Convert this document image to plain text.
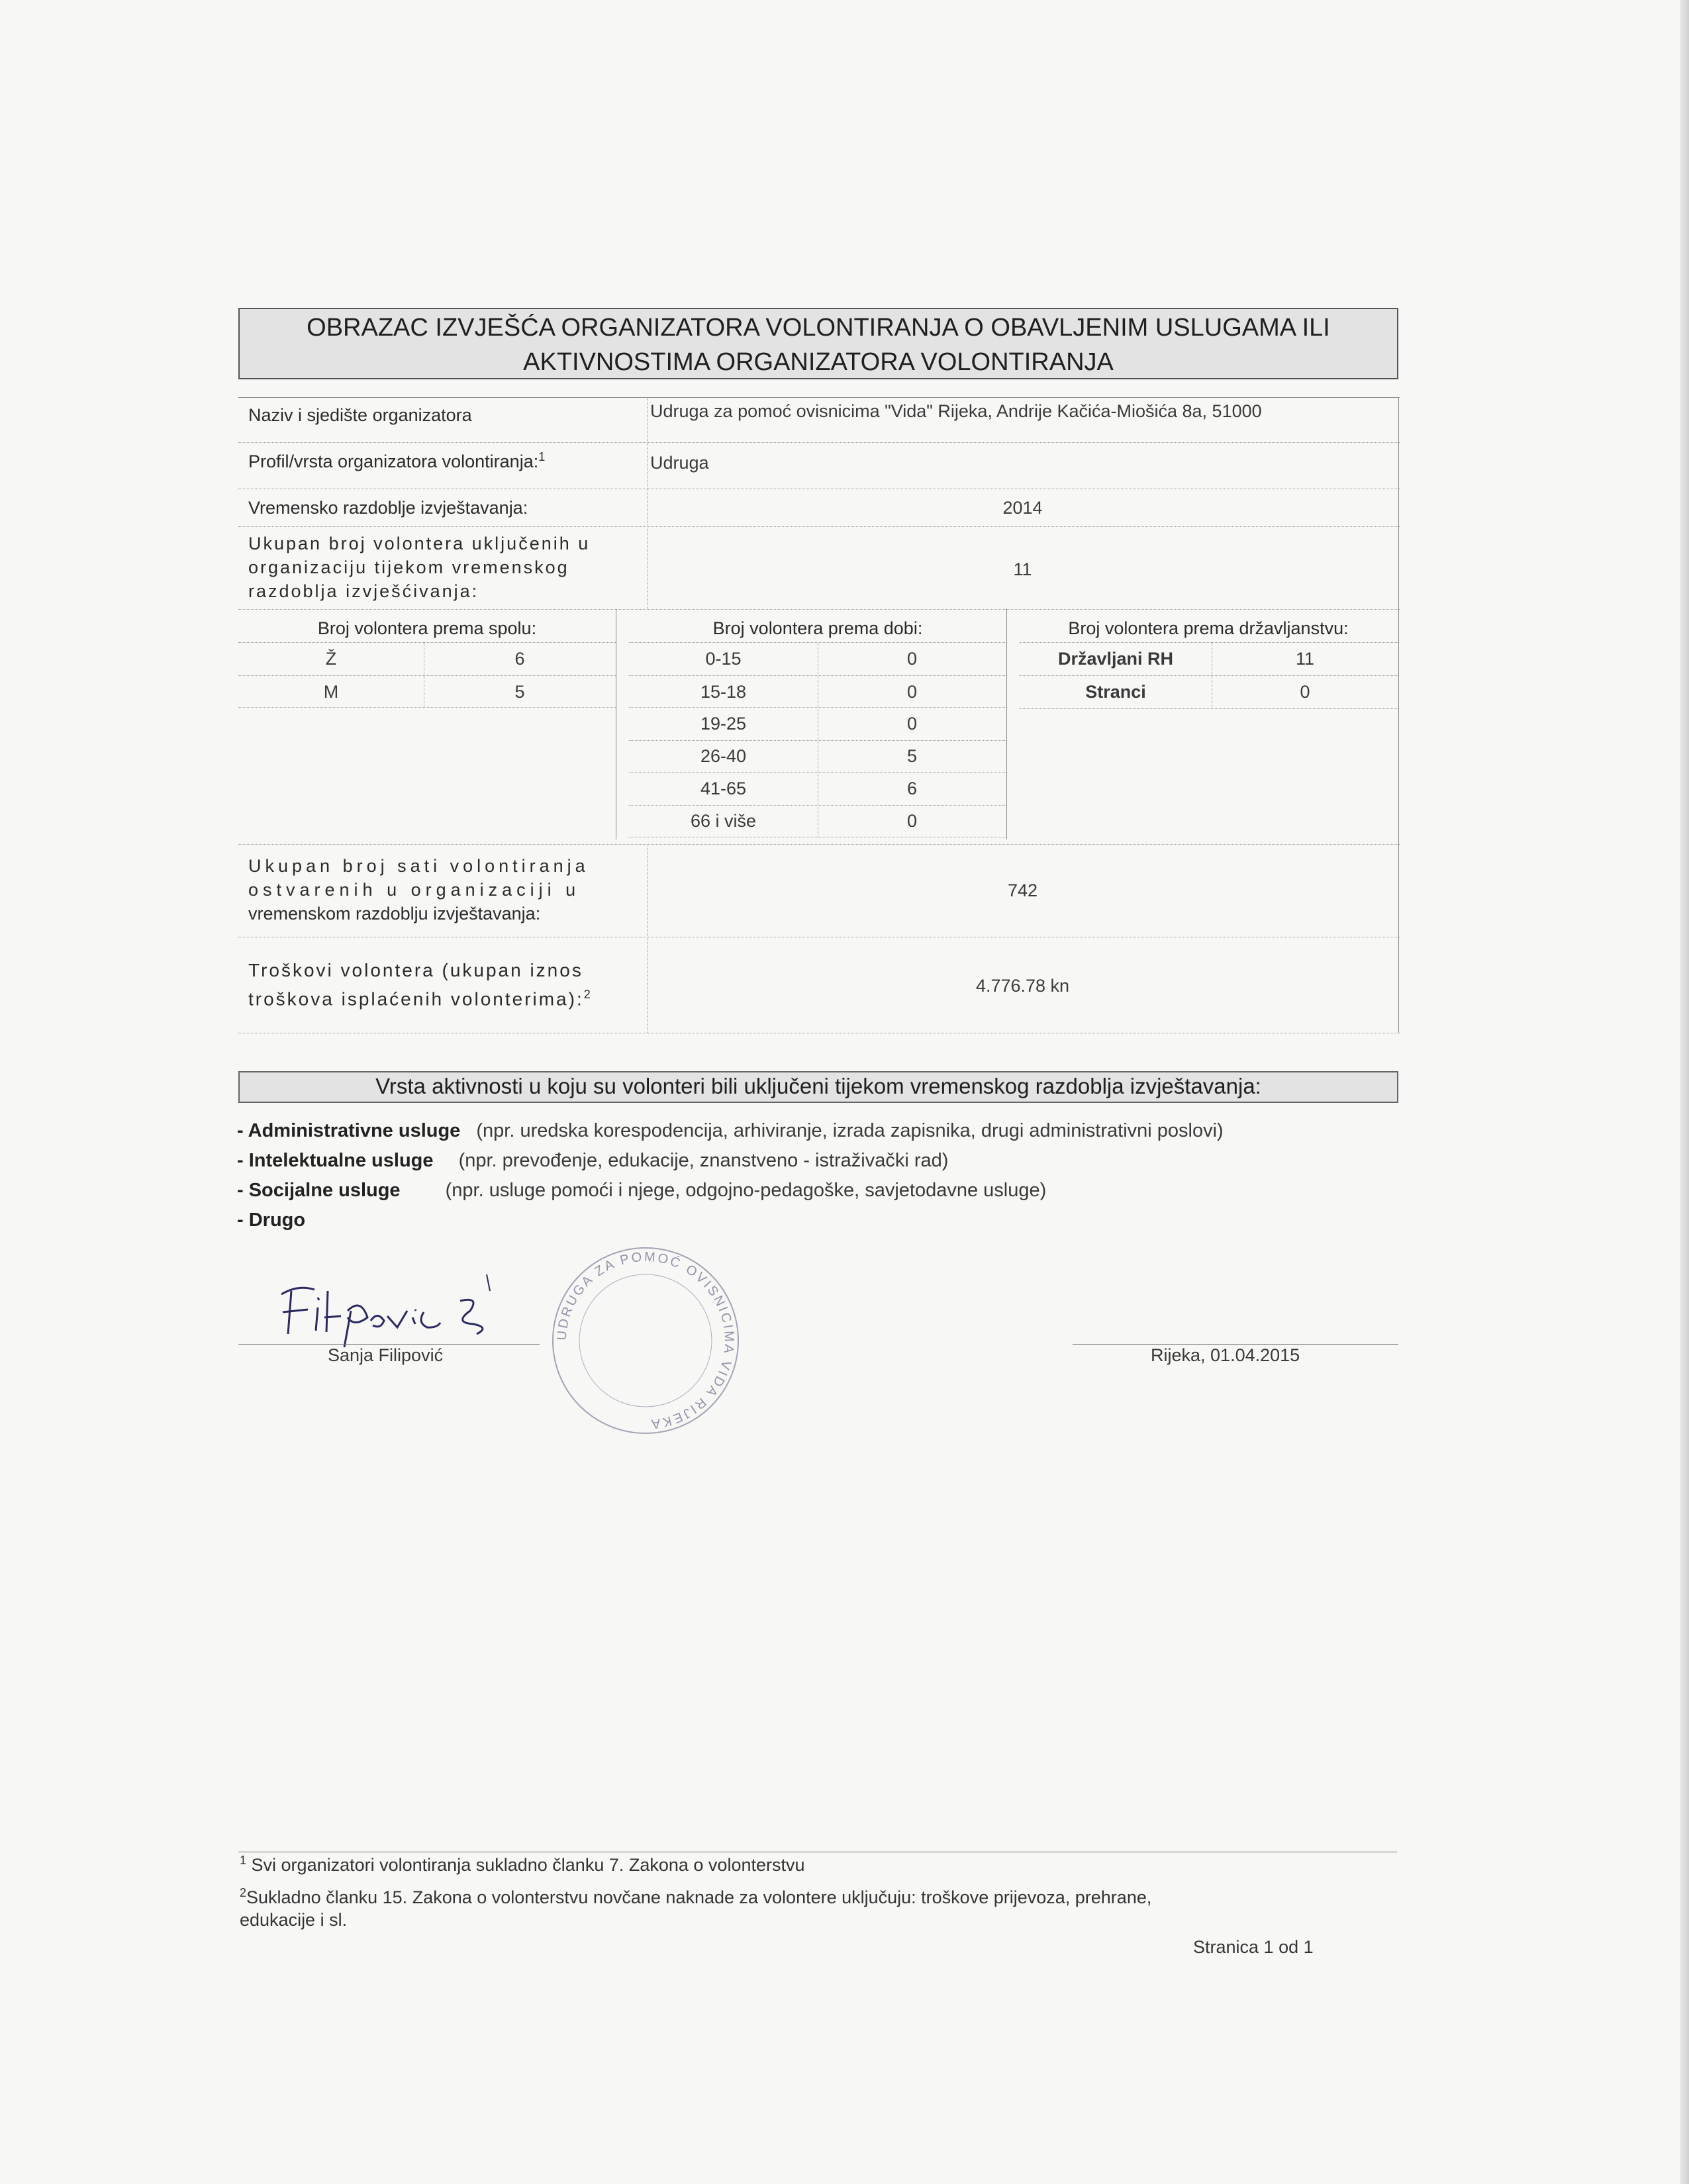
OBRAZAC IZVJEŠĆA ORGANIZATORA VOLONTIRANJA O OBAVLJENIM USLUGAMA ILI
AKTIVNOSTIMA ORGANIZATORA VOLONTIRANJA
Naziv i sjedište organizatora	Udruga za pomoć ovisnicima "Vida" Rijeka, Andrije Kačića-Miošića 8a, 51000
Profil/vrsta organizatora volontiranja:$^1$	Udruga
Vremensko razdoblje izvještavanja:	2014
Ukupan broj volontera uključenih u
organizaciju tijekom vremenskog
razdoblja izvješćivanja:
11
Broj volontera prema spolu:
Ž	6
M	5
Broj volontera prema dobi:
0-15	0
15-18	0
19-25	0
26-40	5
41-65	6
66 i više	0
Broj volontera prema državljanstvu:
Državljani RH	11
Stranci	0
Ukupan broj sati volontiranja
ostvarenih u organizaciji u
vremenskom razdoblju izvještavanja:
742
Troškovi volontera (ukupan iznos
troškova isplaćenih volonterima):$^2$	4.776.78 kn
Vrsta aktivnosti u koju su volonteri bili uključeni tijekom vremenskog razdoblja izvještavanja:
- Administrativne usluge (npr. uredska korespodencija, arhiviranje, izrada zapisnika, drugi administrativni poslovi)
- Intelektualne usluge (npr. prevođenje, edukacije, znanstveno - istraživački rad)
- Socijalne usluge (npr. usluge pomoći i njege, odgojno-pedagoške, savjetodavne usluge)
- Drugo
Sanja Filipović
UDRUGA ZA POMOĆ OVISNICIMA VIDA RIJEKA
Rijeka, 01.04.2015
$^1$ Svi organizatori volontiranja sukladno članku 7. Zakona o volonterstvu
$^2$Sukladno članku 15. Zakona o volonterstvu novčane naknade za volontere uključuju: troškove prijevoza, prehrane,
edukacije i sl.
Stranica 1 od 1
